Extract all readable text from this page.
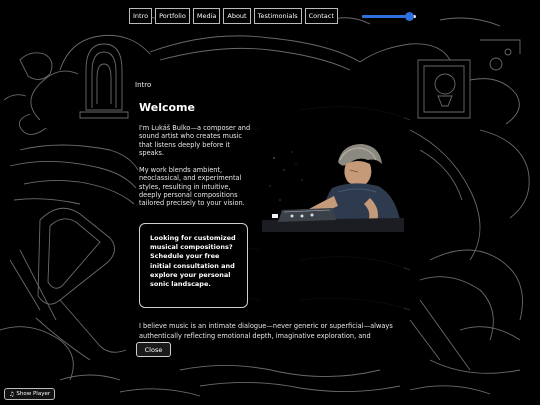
Intro	Portfolio	Media	About	Testimonials	Contact
Intro
Welcome

I'm Lukáš Bulko—a composer and sound artist who creates music that listens deeply before it speaks.

My work blends ambient, neoclassical, and experimental styles, resulting in intuitive, deeply personal compositions tailored precisely to your vision.

Looking for customized musical compositions? Schedule your free initial consultation and explore your personal sonic landscape.

I believe music is an intimate dialogue—never generic or superficial—always authentically reflecting emotional depth, imaginative exploration, and

Close
♫ Show Player
